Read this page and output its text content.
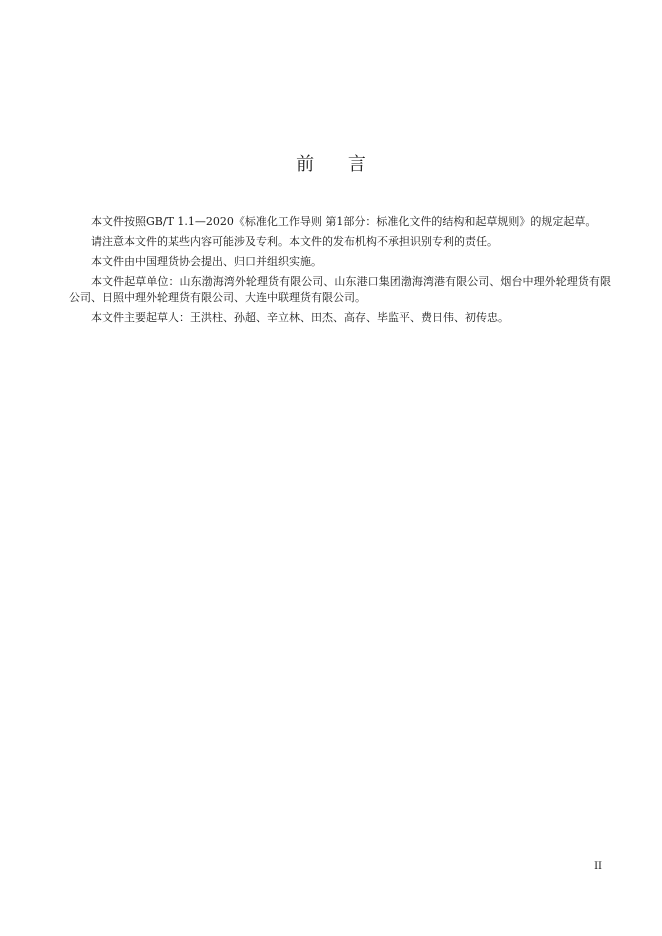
前 言

本文件按照GB/T 1.1—2020《标准化工作导则 第1部分：标准化文件的结构和起草规则》的规定起草。

请注意本文件的某些内容可能涉及专利。本文件的发布机构不承担识别专利的责任。

本文件由中国理货协会提出、归口并组织实施。

本文件起草单位：山东渤海湾外轮理货有限公司、山东港口集团渤海湾港有限公司、烟台中理外轮理货有限公司、日照中理外轮理货有限公司、大连中联理货有限公司。

本文件主要起草人：王洪柱、孙超、辛立林、田杰、高存、毕监平、费日伟、初传忠。

II
